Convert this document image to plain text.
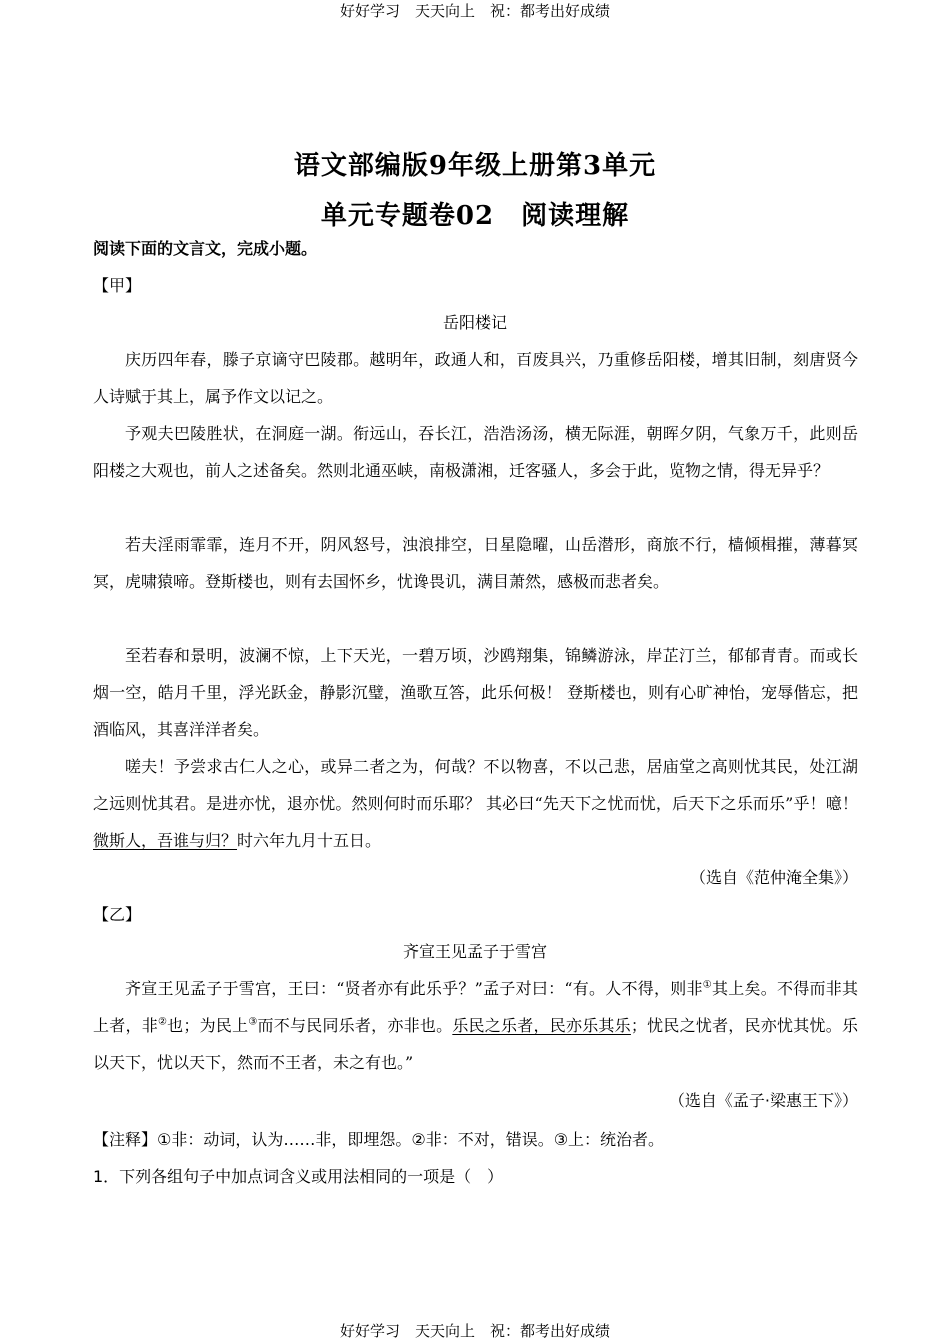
好好学习　天天向上　祝：都考出好成绩
语文部编版9年级上册第3单元
单元专题卷02　阅读理解
阅读下面的文言文，完成小题。
【甲】
岳阳楼记
庆历四年春，滕子京谪守巴陵郡。越明年，政通人和，百废具兴，乃重修岳阳楼，增其旧制，刻唐贤今人诗赋于其上，属予作文以记之。
予观夫巴陵胜状，在洞庭一湖。衔远山，吞长江，浩浩汤汤，横无际涯，朝晖夕阴，气象万千，此则岳阳楼之大观也，前人之述备矣。然则北通巫峡，南极潇湘，迁客骚人，多会于此，览物之情，得无异乎？
若夫淫雨霏霏，连月不开，阴风怒号，浊浪排空，日星隐曜，山岳潜形，商旅不行，樯倾楫摧，薄暮冥冥，虎啸猿啼。登斯楼也，则有去国怀乡，忧谗畏讥，满目萧然，感极而悲者矣。
至若春和景明，波澜不惊，上下天光，一碧万顷，沙鸥翔集，锦鳞游泳，岸芷汀兰，郁郁青青。而或长烟一空，皓月千里，浮光跃金，静影沉璧，渔歌互答，此乐何极！ 登斯楼也，则有心旷神怡，宠辱偕忘，把酒临风，其喜洋洋者矣。
嗟夫！予尝求古仁人之心，或异二者之为，何哉？不以物喜，不以己悲，居庙堂之高则忧其民，处江湖之远则忧其君。是进亦忧，退亦忧。然则何时而乐耶？ 其必曰“先天下之忧而忧，后天下之乐而乐”乎！噫！微斯人，吾谁与归？时六年九月十五日。
（选自《范仲淹全集》）
【乙】
齐宣王见孟子于雪宫
齐宣王见孟子于雪宫，王曰：“贤者亦有此乐乎？”孟子对曰：“有。人不得，则非①其上矣。不得而非其上者，非②也；为民上③而不与民同乐者，亦非也。乐民之乐者，民亦乐其乐；忧民之忧者，民亦忧其忧。乐以天下，忧以天下，然而不王者，未之有也。”
（选自《孟子·梁惠王下》）
【注释】①非：动词，认为……非，即埋怨。②非：不对，错误。③上：统治者。
1．下列各组句子中加点词含义或用法相同的一项是（　）
好好学习　天天向上　祝：都考出好成绩
